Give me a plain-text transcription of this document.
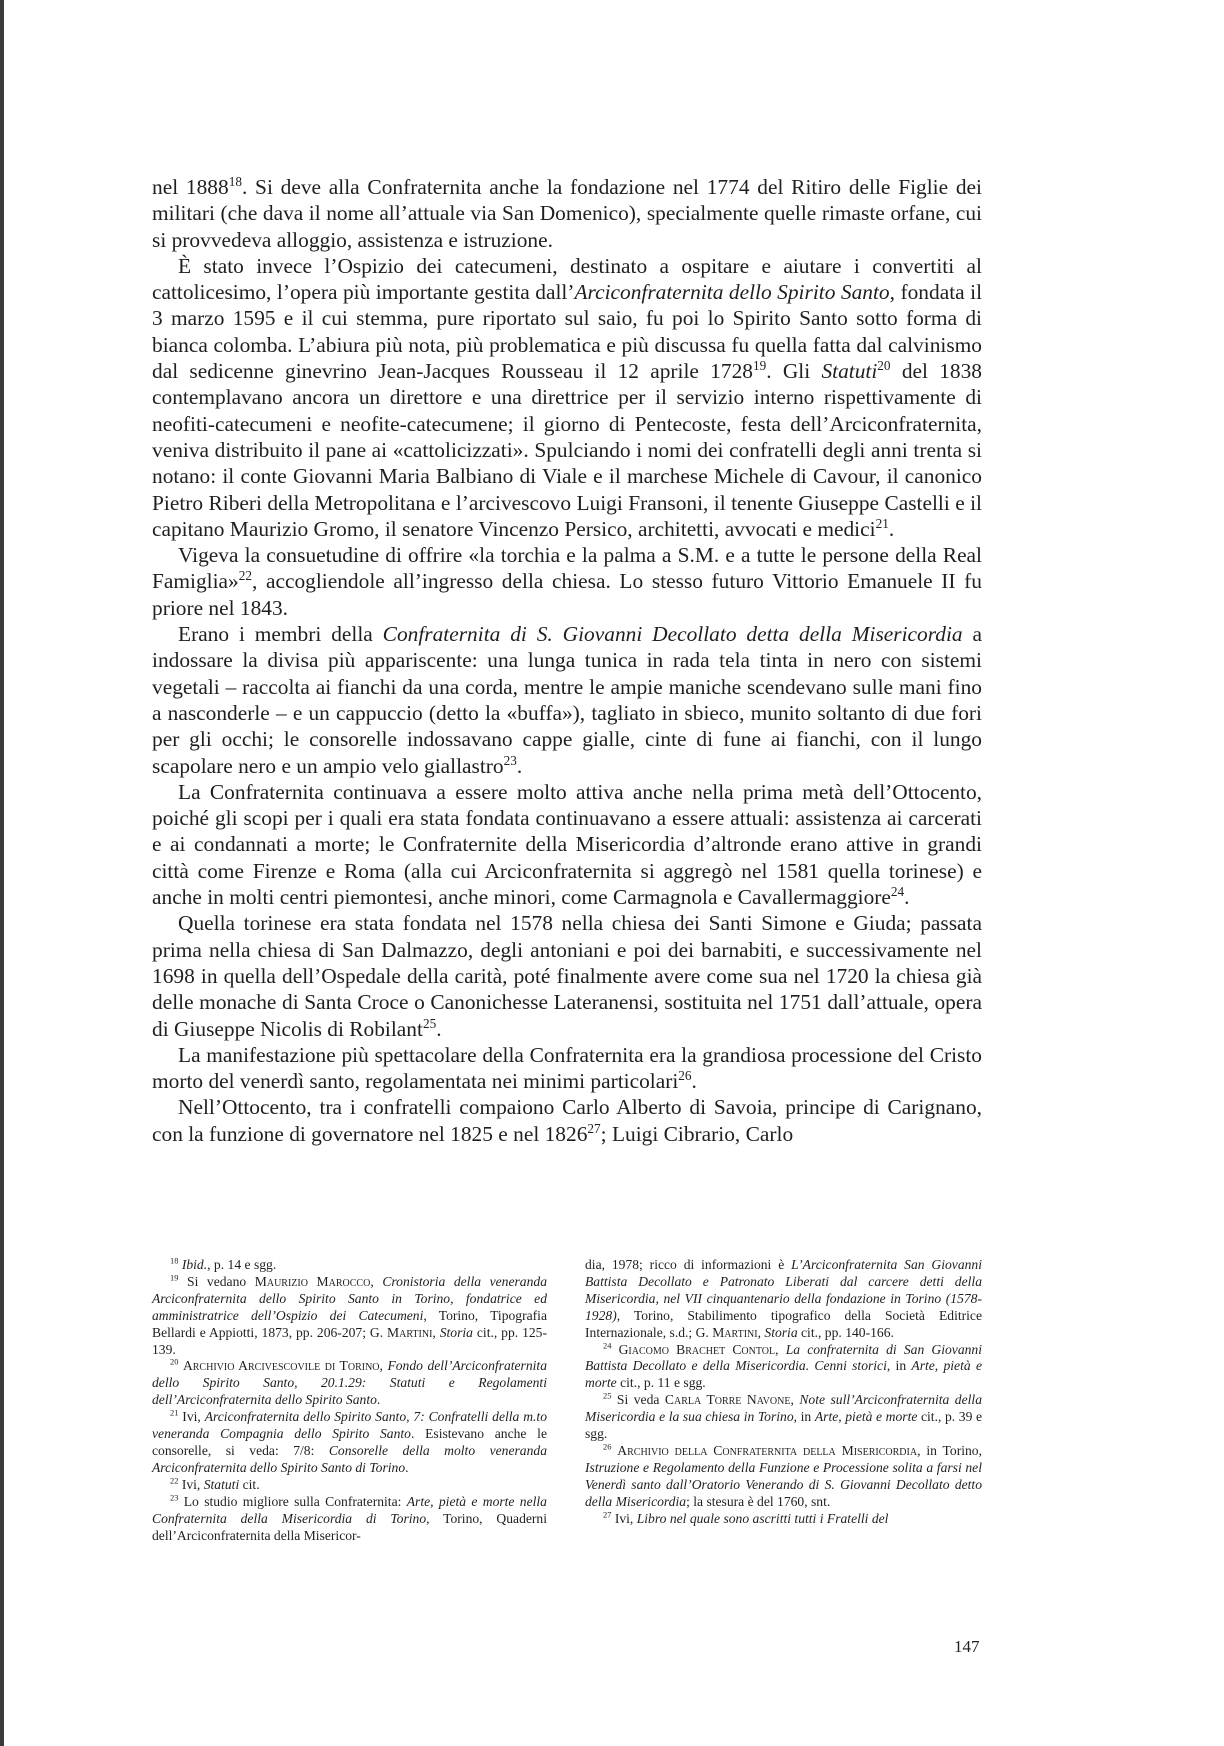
nel 1888$^{18}$. Si deve alla Confraternita anche la fondazione nel 1774 del Ritiro delle Figlie dei militari (che dava il nome all’attuale via San Domenico), specialmente quelle rimaste orfane, cui si provvedeva alloggio, assistenza e istruzione.

È stato invece l’Ospizio dei catecumeni, destinato a ospitare e aiutare i convertiti al cattolicesimo, l’opera più importante gestita dall’Arciconfraternita dello Spirito Santo, fondata il 3 marzo 1595 e il cui stemma, pure riportato sul saio, fu poi lo Spirito Santo sotto forma di bianca colomba. L’abiura più nota, più problematica e più discussa fu quella fatta dal calvinismo dal sedicenne ginevrino Jean-Jacques Rousseau il 12 aprile 1728$^{19}$. Gli Statuti$^{20}$ del 1838 contemplavano ancora un direttore e una direttrice per il servizio interno rispettivamente di neofiti-catecumeni e neofite-catecumene; il giorno di Pentecoste, festa dell’Arciconfraternita, veniva distribuito il pane ai «cattolicizzati». Spulciando i nomi dei confratelli degli anni trenta si notano: il conte Giovanni Maria Balbiano di Viale e il marchese Michele di Cavour, il canonico Pietro Riberi della Metropolitana e l’arcivescovo Luigi Fransoni, il tenente Giuseppe Castelli e il capitano Maurizio Gromo, il senatore Vincenzo Persico, architetti, avvocati e medici$^{21}$.

Vigeva la consuetudine di offrire «la torchia e la palma a S.M. e a tutte le persone della Real Famiglia»$^{22}$, accogliendole all’ingresso della chiesa. Lo stesso futuro Vittorio Emanuele II fu priore nel 1843.

Erano i membri della Confraternita di S. Giovanni Decollato detta della Misericordia a indossare la divisa più appariscente: una lunga tunica in rada tela tinta in nero con sistemi vegetali – raccolta ai fianchi da una corda, mentre le ampie maniche scendevano sulle mani fino a nasconderle – e un cappuccio (detto la «buffa»), tagliato in sbieco, munito soltanto di due fori per gli occhi; le consorelle indossavano cappe gialle, cinte di fune ai fianchi, con il lungo scapolare nero e un ampio velo giallastro$^{23}$.

La Confraternita continuava a essere molto attiva anche nella prima metà dell’Ottocento, poiché gli scopi per i quali era stata fondata continuavano a essere attuali: assistenza ai carcerati e ai condannati a morte; le Confraternite della Misericordia d’altronde erano attive in grandi città come Firenze e Roma (alla cui Arciconfraternita si aggregò nel 1581 quella torinese) e anche in molti centri piemontesi, anche minori, come Carmagnola e Cavallermaggiore$^{24}$.

Quella torinese era stata fondata nel 1578 nella chiesa dei Santi Simone e Giuda; passata prima nella chiesa di San Dalmazzo, degli antoniani e poi dei barnabiti, e successivamente nel 1698 in quella dell’Ospedale della carità, poté finalmente avere come sua nel 1720 la chiesa già delle monache di Santa Croce o Canonichesse Lateranensi, sostituita nel 1751 dall’attuale, opera di Giuseppe Nicolis di Robilant$^{25}$.

La manifestazione più spettacolare della Confraternita era la grandiosa processione del Cristo morto del venerdì santo, regolamentata nei minimi particolari$^{26}$.

Nell’Ottocento, tra i confratelli compaiono Carlo Alberto di Savoia, principe di Carignano, con la funzione di governatore nel 1825 e nel 1826$^{27}$; Luigi Cibrario, Carlo

$^{18}$ Ibid., p. 14 e sgg.

$^{19}$ Si vedano Maurizio Marocco, Cronistoria della veneranda Arciconfraternita dello Spirito Santo in Torino, fondatrice ed amministratrice dell’Ospizio dei Catecumeni, Torino, Tipografia Bellardi e Appiotti, 1873, pp. 206-207; G. Martini, Storia cit., pp. 125-139.

$^{20}$ Archivio Arcivescovile di Torino, Fondo dell’Arciconfraternita dello Spirito Santo, 20.1.29: Statuti e Regolamenti dell’Arciconfraternita dello Spirito Santo.

$^{21}$ Ivi, Arciconfraternita dello Spirito Santo, 7: Confratelli della m.to veneranda Compagnia dello Spirito Santo. Esistevano anche le consorelle, si veda: 7/8: Consorelle della molto veneranda Arciconfraternita dello Spirito Santo di Torino.

$^{22}$ Ivi, Statuti cit.

$^{23}$ Lo studio migliore sulla Confraternita: Arte, pietà e morte nella Confraternita della Misericordia di Torino, Torino, Quaderni dell’Arciconfraternita della Misericor-

dia, 1978; ricco di informazioni è L’Arciconfraternita San Giovanni Battista Decollato e Patronato Liberati dal carcere detti della Misericordia, nel VII cinquantenario della fondazione in Torino (1578-1928), Torino, Stabilimento tipografico della Società Editrice Internazionale, s.d.; G. Martini, Storia cit., pp. 140-166.

$^{24}$ Giacomo Brachet Contol, La confraternita di San Giovanni Battista Decollato e della Misericordia. Cenni storici, in Arte, pietà e morte cit., p. 11 e sgg.

$^{25}$ Si veda Carla Torre Navone, Note sull’Arciconfraternita della Misericordia e la sua chiesa in Torino, in Arte, pietà e morte cit., p. 39 e sgg.

$^{26}$ Archivio della Confraternita della Misericordia, in Torino, Istruzione e Regolamento della Funzione e Processione solita a farsi nel Venerdì santo dall’Oratorio Venerando di S. Giovanni Decollato detto della Misericordia; la stesura è del 1760, snt.

$^{27}$ Ivi, Libro nel quale sono ascritti tutti i Fratelli del

147
